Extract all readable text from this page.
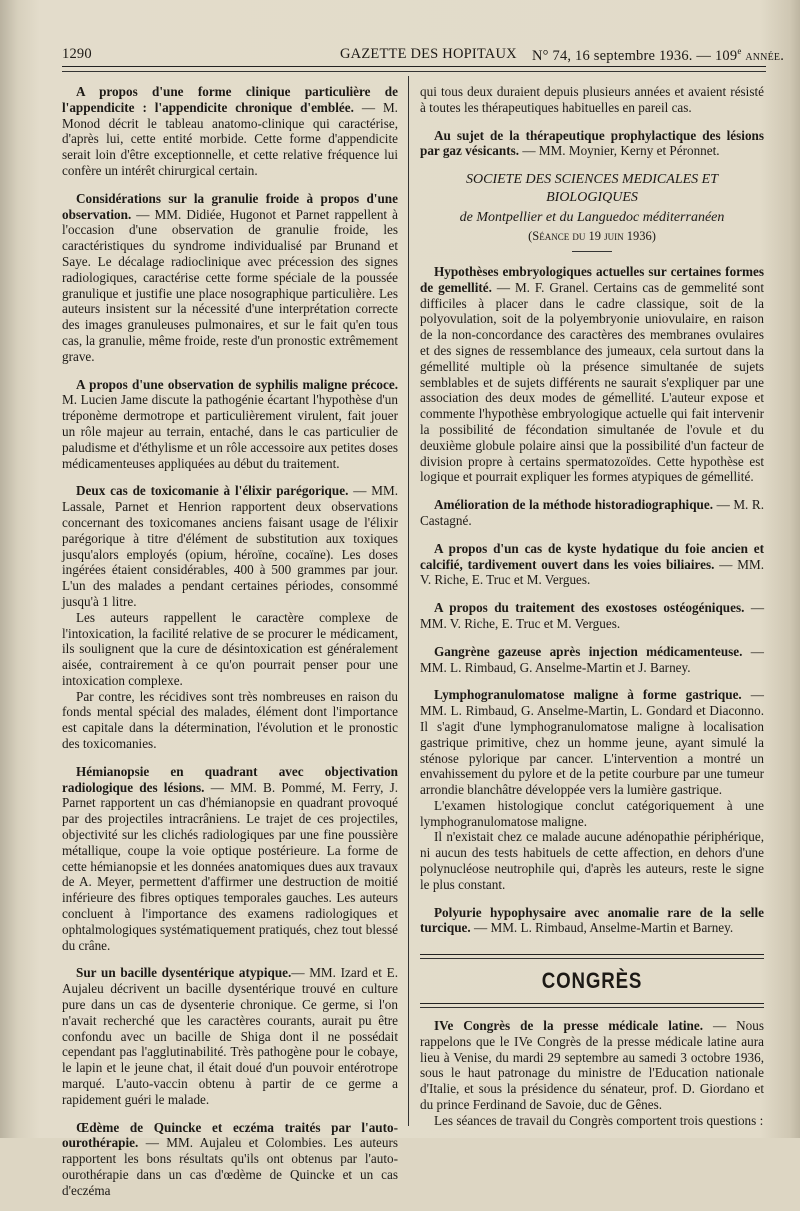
1290	GAZETTE DES HOPITAUX N° 74, 16 septembre 1936. — 109e année.
A propos d'une forme clinique particulière de l'appendicite : l'appendicite chronique d'emblée. — M. Monod décrit le tableau anatomo-clinique qui caractérise, d'après lui, cette entité morbide. Cette forme d'appendicite serait loin d'être exceptionnelle, et cette relative fréquence lui confère un intérêt chirurgical certain.
Considérations sur la granulie froide à propos d'une observation. — MM. Didiée, Hugonot et Parnet rappellent à l'occasion d'une observation de granulie froide, les caractéristiques du syndrome individualisé par Brunand et Saye. Le décalage radioclinique avec précession des signes radiologiques, caractérise cette forme spéciale de la poussée granulique et justifie une place nosographique particulière. Les auteurs insistent sur la nécessité d'une interprétation correcte des images granuleuses pulmonaires, et sur le fait qu'en tous cas, la granulie, même froide, reste d'un pronostic extrêmement grave.
A propos d'une observation de syphilis maligne précoce. M. Lucien Jame discute la pathogénie écartant l'hypothèse d'un tréponème dermotrope et particulièrement virulent, fait jouer un rôle majeur au terrain, entaché, dans le cas particulier de paludisme et d'éthylisme et un rôle accessoire aux petites doses médicamenteuses appliquées au début du traitement.
Deux cas de toxicomanie à l'élixir parégorique. — MM. Lassale, Parnet et Henrion rapportent deux observations concernant des toxicomanes anciens faisant usage de l'élixir parégorique à titre d'élément de substitution aux toxiques jusqu'alors employés (opium, héroïne, cocaïne). Les doses ingérées étaient considérables, 400 à 500 grammes par jour. L'un des malades a pendant certaines périodes, consommé jusqu'à 1 litre.

Les auteurs rappellent le caractère complexe de l'intoxication, la facilité relative de se procurer le médicament, ils soulignent que la cure de désintoxication est généralement aisée, contrairement à ce qu'on pourrait penser pour une intoxication complexe.

Par contre, les récidives sont très nombreuses en raison du fonds mental spécial des malades, élément dont l'importance est capitale dans la détermination, l'évolution et le pronostic des toxicomanies.

Hémianopsie en quadrant avec objectivation radiologique des lésions. — MM. B. Pommé, M. Ferry, J. Parnet rapportent un cas d'hémianopsie en quadrant provoqué par des projectiles intracrâniens. Le trajet de ces projectiles, objectivité sur les clichés radiologiques par une fine poussière métallique, coupe la voie optique postérieure. La forme de cette hémianopsie et les données anatomiques dues aux travaux de A. Meyer, permettent d'affirmer une destruction de moitié inférieure des fibres optiques temporales gauches. Les auteurs concluent à l'importance des examens radiologiques et ophtalmologiques systématiquement pratiqués, chez tout blessé du crâne.
Sur un bacille dysentérique atypique.— MM. Izard et E. Aujaleu décrivent un bacille dysentérique trouvé en culture pure dans un cas de dysenterie chronique. Ce germe, si l'on n'avait recherché que les caractères courants, aurait pu être confondu avec un bacille de Shiga dont il ne possédait cependant pas l'agglutinabilité. Très pathogène pour le cobaye, le lapin et le jeune chat, il était doué d'un pouvoir entérotrope marqué. L'auto-vaccin obtenu à partir de ce germe a rapidement guéri le malade.
Œdème de Quincke et eczéma traités par l'auto-ourothérapie. — MM. Aujaleu et Colombies. Les auteurs rapportent les bons résultats qu'ils ont obtenus par l'auto-ourothérapie dans un cas d'œdème de Quincke et un cas d'eczéma

qui tous deux duraient depuis plusieurs années et avaient résisté à toutes les thérapeutiques habituelles en pareil cas.

Au sujet de la thérapeutique prophylactique des lésions par gaz vésicants. — MM. Moynier, Kerny et Péronnet.
SOCIETE DES SCIENCES MEDICALES ET BIOLOGIQUES
de Montpellier et du Languedoc méditerranéen
(Séance du 19 juin 1936)
Hypothèses embryologiques actuelles sur certaines formes de gemellité. — M. F. Granel. Certains cas de gemmelité sont difficiles à placer dans le cadre classique, soit de la polyovulation, soit de la polyembryonie uniovulaire, en raison de la non-concordance des caractères des membranes ovulaires et des signes de ressemblance des jumeaux, cela surtout dans la gémellité multiple où la présence simultanée de sujets semblables et de sujets différents ne saurait s'expliquer par une association des deux modes de gémellité. L'auteur expose et commente l'hypothèse embryologique actuelle qui fait intervenir la possibilité de fécondation simultanée de l'ovule et du deuxième globule polaire ainsi que la possibilité d'un facteur de division propre à certains spermatozoïdes. Cette hypothèse est logique et pourrait expliquer les formes atypiques de gémellité.
Amélioration de la méthode historadiographique. — M. R. Castagné.
A propos d'un cas de kyste hydatique du foie ancien et calcifié, tardivement ouvert dans les voies biliaires. — MM. V. Riche, E. Truc et M. Vergues.
A propos du traitement des exostoses ostéogéniques. — MM. V. Riche, E. Truc et M. Vergues.
Gangrène gazeuse après injection médicamenteuse. — MM. L. Rimbaud, G. Anselme-Martin et J. Barney.
Lymphogranulomatose maligne à forme gastrique. — MM. L. Rimbaud, G. Anselme-Martin, L. Gondard et Diaconno. Il s'agit d'une lymphogranulomatose maligne à localisation gastrique primitive, chez un homme jeune, ayant simulé la sténose pylorique par cancer. L'intervention a montré un envahissement du pylore et de la petite courbure par une tumeur arrondie blanchâtre développée vers la lumière gastrique.

L'examen histologique conclut catégoriquement à une lymphogranulomatose maligne.

Il n'existait chez ce malade aucune adénopathie périphérique, ni aucun des tests habituels de cette affection, en dehors d'une polynucléose neutrophile qui, d'après les auteurs, reste le signe le plus constant.

Polyurie hypophysaire avec anomalie rare de la selle turcique. — MM. L. Rimbaud, Anselme-Martin et Barney.
CONGRÈS
IVe Congrès de la presse médicale latine. — Nous rappelons que le IVe Congrès de la presse médicale latine aura lieu à Venise, du mardi 29 septembre au samedi 3 octobre 1936, sous le haut patronage du ministre de l'Education nationale d'Italie, et sous la présidence du sénateur, prof. D. Giordano et du prince Ferdinand de Savoie, duc de Gênes.

Les séances de travail du Congrès comportent trois questions :
